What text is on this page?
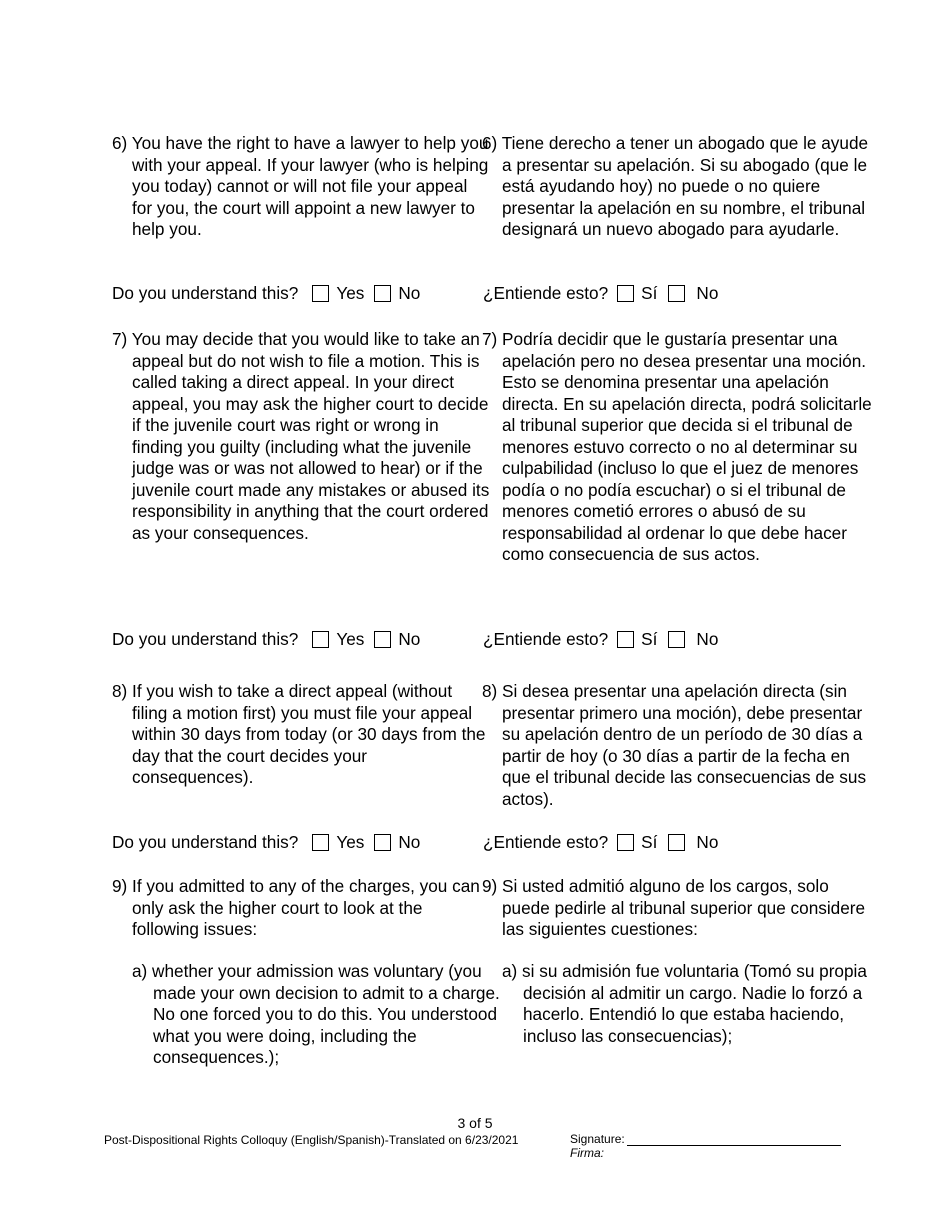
6) You have the right to have a lawyer to help you with your appeal. If your lawyer (who is helping you today) cannot or will not file your appeal for you, the court will appoint a new lawyer to help you.

6) Tiene derecho a tener un abogado que le ayude a presentar su apelación. Si su abogado (que le está ayudando hoy) no puede o no quiere presentar la apelación en su nombre, el tribunal designará un nuevo abogado para ayudarle.

Do you understand this? Yes No	¿Entiende esto? Sí No

7) You may decide that you would like to take an appeal but do not wish to file a motion. This is called taking a direct appeal. In your direct appeal, you may ask the higher court to decide if the juvenile court was right or wrong in finding you guilty (including what the juvenile judge was or was not allowed to hear) or if the juvenile court made any mistakes or abused its responsibility in anything that the court ordered as your consequences.

7) Podría decidir que le gustaría presentar una apelación pero no desea presentar una moción. Esto se denomina presentar una apelación directa. En su apelación directa, podrá solicitarle al tribunal superior que decida si el tribunal de menores estuvo correcto o no al determinar su culpabilidad (incluso lo que el juez de menores podía o no podía escuchar) o si el tribunal de menores cometió errores o abusó de su responsabilidad al ordenar lo que debe hacer como consecuencia de sus actos.

Do you understand this? Yes No	¿Entiende esto? Sí No

8) If you wish to take a direct appeal (without filing a motion first) you must file your appeal within 30 days from today (or 30 days from the day that the court decides your consequences).

8) Si desea presentar una apelación directa (sin presentar primero una moción), debe presentar su apelación dentro de un período de 30 días a partir de hoy (o 30 días a partir de la fecha en que el tribunal decide las consecuencias de sus actos).

Do you understand this? Yes No	¿Entiende esto? Sí No

9) If you admitted to any of the charges, you can only ask the higher court to look at the following issues:

9) Si usted admitió alguno de los cargos, solo puede pedirle al tribunal superior que considere las siguientes cuestiones:

a) whether your admission was voluntary (you made your own decision to admit to a charge. No one forced you to do this. You understood what you were doing, including the consequences.);

a) si su admisión fue voluntaria (Tomó su propia decisión al admitir un cargo. Nadie lo forzó a hacerlo. Entendió lo que estaba haciendo, incluso las consecuencias);

3 of 5
Post-Dispositional Rights Colloquy (English/Spanish)-Translated on 6/23/2021	Signature:
Firma:
